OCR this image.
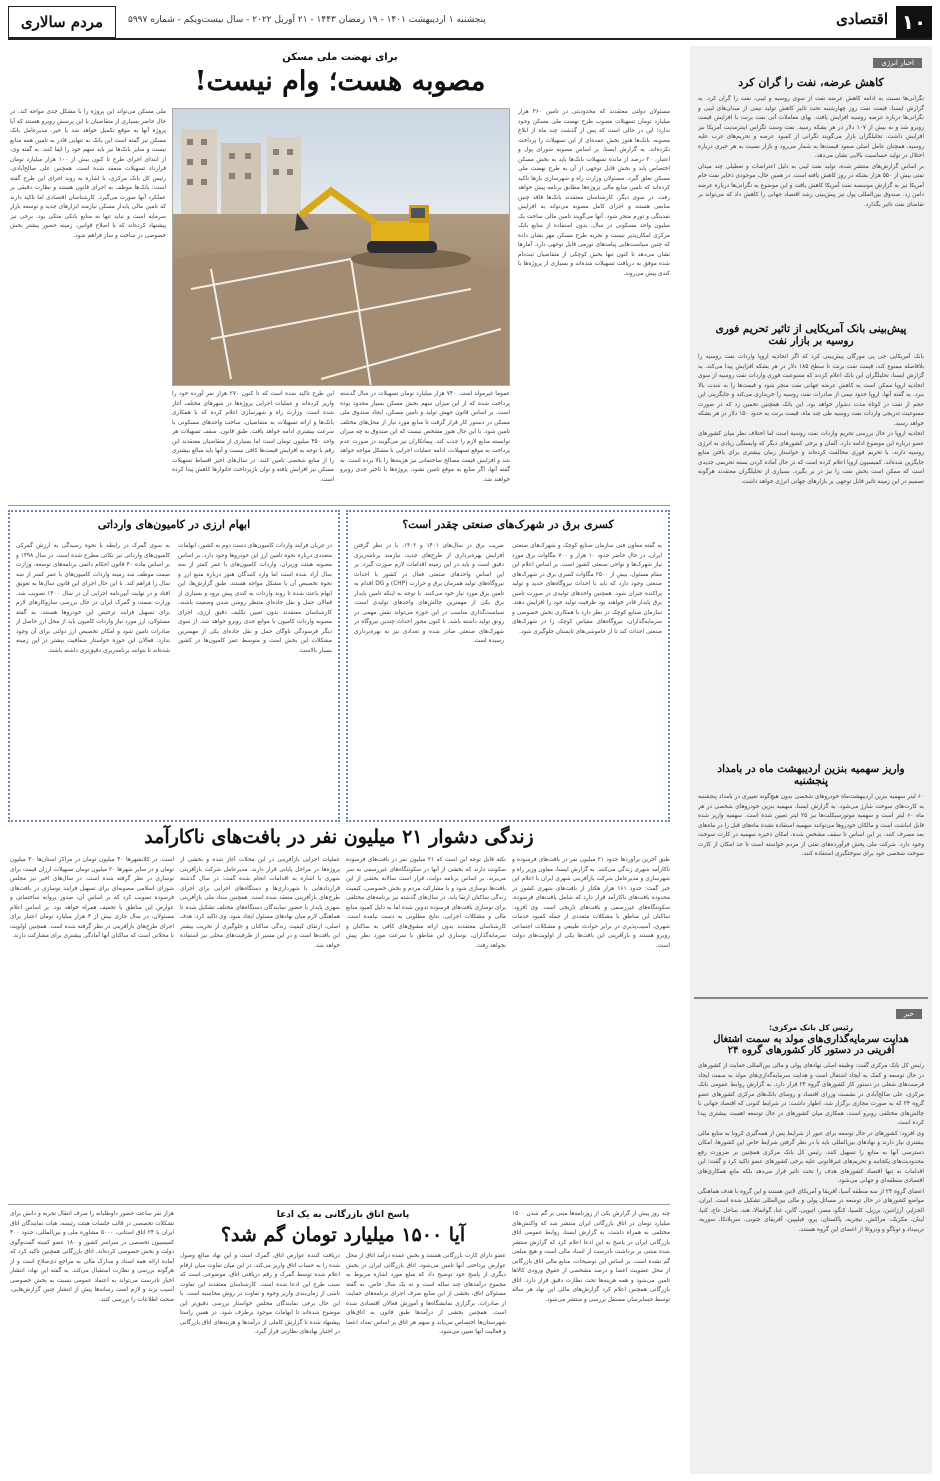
۱۰
اقتصادی
پنجشنبه ۱ اردیبهشت ۱۴۰۱ - ۱۹ رمضان ۱۴۴۳ - ۲۱ آوریل ۲۰۲۲ - سال بیست‌ویکم - شماره ۵۹۹۷
مردم سالاری
اخبار انرژی
کاهش عرضه، نفت را گران کرد

نگرانی‌ها نسبت به ادامه کاهش عرضه نفت از سوی روسیه و لیبی، نفت را گران کرد. به گزارش ایسنا، قیمت نفت روز چهارشنبه تحت تاثیر کاهش تولید نیمی از میدان‌های لیبی و نگرانی‌ها درباره عرضه روسیه افزایش یافت. بهای معاملات آتی نفت برنت با افزایش قیمت روبرو شد و به بیش از ۱۰۷ دلار در هر بشکه رسید. نفت وست تگزاس اینترمدیت آمریکا نیز افزایش داشت. تحلیلگران بازار می‌گویند نگرانی از کمبود عرضه و تحریم‌های غرب علیه روسیه، همچنان عامل اصلی صعود قیمت‌ها به شمار می‌رود و بازار نسبت به هر خبری درباره اختلال در تولید حساسیت بالایی نشان می‌دهد.

بر اساس گزارش‌های منتشر شده، تولید نفت لیبی به دلیل اعتراضات و تعطیلی چند میدان نفتی بیش از ۵۵۰ هزار بشکه در روز کاهش یافته است. در همین حال، موجودی ذخایر نفت خام آمریکا نیز به گزارش موسسه نفت آمریکا کاهش یافت و این موضوع به نگرانی‌ها درباره عرضه دامن زد. صندوق بین‌المللی پول نیز پیش‌بینی رشد اقتصاد جهانی را کاهش داد که می‌تواند بر تقاضای نفت تاثیر بگذارد.

پیش‌بینی بانک آمریکایی از تاثیر تحریم فوری روسیه بر بازار نفت

بانک آمریکایی جی پی مورگان پیش‌بینی کرد که اگر اتحادیه اروپا واردات نفت روسیه را بلافاصله ممنوع کند، قیمت نفت برنت تا سطح ۱۸۵ دلار در هر بشکه افزایش پیدا می‌کند. به گزارش ایسنا، تحلیلگران این بانک اعلام کردند که ممنوعیت فوری واردات نفت روسیه از سوی اتحادیه اروپا ممکن است به کاهش عرضه جهانی نفت منجر شود و قیمت‌ها را به شدت بالا ببرد. به گفته آنها، اروپا حدود نیمی از صادرات نفت روسیه را خریداری می‌کند و جایگزینی این حجم از نفت در کوتاه مدت دشوار خواهد بود. این بانک همچنین تخمین زد که در صورت ممنوعیت تدریجی واردات نفت روسیه طی چند ماه، قیمت برنت به حدود ۱۵۰ دلار در هر بشکه خواهد رسید.

اتحادیه اروپا در حال بررسی تحریم واردات نفت روسیه است اما اختلاف نظر میان کشورهای عضو درباره این موضوع ادامه دارد. آلمان و برخی کشورهای دیگر که وابستگی زیادی به انرژی روسیه دارند، با تحریم فوری مخالفت کرده‌اند و خواستار زمان بیشتری برای یافتن منابع جایگزین شده‌اند. کمیسیون اروپا اعلام کرده است که در حال آماده کردن بسته تحریمی جدیدی است که ممکن است بخش نفت را نیز در بر بگیرد. بسیاری از تحلیلگران معتقدند هرگونه تصمیم در این زمینه تاثیر قابل توجهی بر بازارهای جهانی انرژی خواهد داشت.

واریز سهمیه بنزین اردیبهشت ماه در بامداد پنجشنبه

۶۰ لیتر سهمیه بنزین اردیبهشت‌ماه خودروهای شخصی بدون هیچ‌گونه تغییری در بامداد پنجشنبه به کارت‌های سوخت شارژ می‌شود. به گزارش ایسنا، سهمیه بنزین خودروهای شخصی در هر ماه ۶۰ لیتر است و سهمیه موتورسیکلت‌ها نیز ۲۵ لیتر تعیین شده است. سهمیه واریز شده قابل انباشت است و مالکان خودروها می‌توانند سهمیه استفاده نشده ماه‌های قبل را در ماه‌های بعد مصرف کنند. بر این اساس تا سقف مشخص شده، امکان ذخیره سهمیه در کارت سوخت وجود دارد. شرکت ملی پخش فرآورده‌های نفتی از مردم خواسته است تا حد امکان از کارت سوخت شخصی خود برای سوختگیری استفاده کنند.

خبر
رئیس کل بانک مرکزی:
هدایت سرمایه‌گذاری‌های مولد به سمت اشتغال آفرینی در دستور کار کشورهای گروه ۲۴

رئیس کل بانک مرکزی گفت: وظیفه اصلی نهادهای پولی و مالی بین‌المللی حمایت از کشورهای در حال توسعه و کمک به ایجاد اشتغال است و هدایت سرمایه‌گذاری‌های مولد به سمت ایجاد فرصت‌های شغلی در دستور کار کشورهای گروه ۲۴ قرار دارد. به گزارش روابط عمومی بانک مرکزی، علی صالح‌آبادی در نشست وزرای اقتصاد و روسای بانک‌های مرکزی کشورهای عضو گروه ۲۴ که به صورت مجازی برگزار شد، اظهار داشت: در شرایط کنونی که اقتصاد جهانی با چالش‌های مختلفی روبرو است، همکاری میان کشورهای در حال توسعه اهمیت بیشتری پیدا کرده است.

وی افزود: کشورهای در حال توسعه برای عبور از شرایط پس از همه‌گیری کرونا به منابع مالی بیشتری نیاز دارند و نهادهای بین‌المللی باید با در نظر گرفتن شرایط خاص این کشورها، امکان دسترسی آنها به منابع را تسهیل کنند. رئیس کل بانک مرکزی همچنین بر ضرورت رفع محدودیت‌های یکجانبه و تحریم‌های غیرقانونی علیه برخی کشورهای عضو تاکید کرد و گفت: این اقدامات نه تنها اقتصاد کشورهای هدف را تحت تاثیر قرار می‌دهد بلکه مانع همکاری‌های اقتصادی منطقه‌ای و جهانی می‌شود.

اعضای گروه ۲۴ از سه منطقه آسیا، آفریقا و آمریکای لاتین هستند و این گروه با هدف هماهنگی مواضع کشورهای در حال توسعه در مسائل پولی و مالی بین‌المللی تشکیل شده است. ایران، الجزایر، آرژانتین، برزیل، کلمبیا، کنگو، مصر، اتیوپی، گابن، غنا، گواتمالا، هند، ساحل عاج، کنیا، لبنان، مکزیک، مراکش، نیجریه، پاکستان، پرو، فیلیپین، آفریقای جنوبی، سریلانکا، سوریه، ترینیداد و توباگو و ونزوئلا از اعضای این گروه هستند.

برای نهضت ملی مسکن
مصوبه هست؛ وام نیست!
مسئولان دولتی معتقدند که محدودیتی در تامین ۳۶۰ هزار میلیارد تومان تسهیلات مصوب طرح نهضت ملی مسکن وجود ندارد؛ این در حالی است که پس از گذشت چند ماه از ابلاغ مصوبه، بانک‌ها هنوز بخش عمده‌ای از این تسهیلات را پرداخت نکرده‌اند. به گزارش ایسنا، بر اساس مصوبه شورای پول و اعتبار، ۲۰ درصد از مانده تسهیلات بانک‌ها باید به بخش مسکن اختصاص یابد و بخش قابل توجهی از آن به طرح نهضت ملی مسکن تعلق گیرد. مسئولان وزارت راه و شهرسازی بارها تاکید کرده‌اند که تامین منابع مالی پروژه‌ها مطابق برنامه پیش خواهد رفت. در سوی دیگر، کارشناسان معتقدند بانک‌ها فاقد چنین منابعی هستند و اجرای کامل مصوبه می‌تواند به افزایش نقدینگی و تورم منجر شود. آنها می‌گویند تامین مالی ساخت یک میلیون واحد مسکونی در سال، بدون استفاده از منابع بانک مرکزی امکان‌پذیر نیست و تجربه طرح مسکن مهر نشان داده که چنین سیاست‌هایی پیامدهای تورمی قابل توجهی دارد. آمارها نشان می‌دهد تا کنون تنها بخش کوچکی از متقاضیان ثبت‌نام شده موفق به دریافت تسهیلات شده‌اند و بسیاری از پروژه‌ها با کندی پیش می‌روند.
عموما غیرمولد است. ۷۴۰ هزار میلیارد تومان تسهیلات در سال گذشته پرداخت شده که از این میزان سهم بخش مسکن بسیار محدود بوده است. بر اساس قانون جهش تولید و تامین مسکن، ایجاد صندوق ملی مسکن در دستور کار قرار گرفت تا منابع مورد نیاز از محل‌های مختلف تامین شود. با این حال هنوز مشخص نیست که این صندوق به چه میزان توانسته منابع لازم را جذب کند. پیمانکاران نیز می‌گویند در صورت عدم پرداخت به موقع تسهیلات، ادامه عملیات اجرایی با مشکل مواجه خواهد شد و افزایش قیمت مصالح ساختمانی نیز هزینه‌ها را بالا برده است. به گفته آنها، اگر منابع به موقع تامین نشود، پروژه‌ها با تاخیر جدی روبرو خواهند شد.
این طرح تاکید شده است که تا کنون ۲۷۰ هزار نفر آورده خود را واریز کرده‌اند و عملیات اجرایی پروژه‌ها در شهرهای مختلف آغاز شده است. وزارت راه و شهرسازی اعلام کرده که با همکاری بانک‌ها و ارائه تسهیلات به متقاضیان، ساخت واحدهای مسکونی با سرعت بیشتری ادامه خواهد یافت. طبق قانون، سقف تسهیلات هر واحد ۴۵۰ میلیون تومان است اما بسیاری از متقاضیان معتقدند این رقم با توجه به افزایش قیمت‌ها کافی نیست و آنها باید مبالغ بیشتری را از منابع شخصی تامین کنند. در سال‌های اخیر اقساط تسهیلات مسکن نیز افزایش یافته و توان بازپرداخت خانوارها کاهش پیدا کرده است.
ملی مسکن می‌تواند این پروژه را با مشکل جدی مواجه کند. در حال حاضر بسیاری از متقاضیان با این پرسش روبرو هستند که آیا پروژه آنها به موقع تکمیل خواهد شد یا خیر. مدیرعامل بانک مسکن نیز گفته است این بانک به تنهایی قادر به تامین همه منابع نیست و سایر بانک‌ها نیز باید سهم خود را ایفا کنند. به گفته وی، از ابتدای اجرای طرح تا کنون بیش از ۱۰۰ هزار میلیارد تومان قرارداد تسهیلات منعقد شده است. همچنین علی صالح‌آبادی، رئیس کل بانک مرکزی، با اشاره به روند اجرای این طرح گفته است: بانک‌ها موظف به اجرای قانون هستند و نظارت دقیقی بر عملکرد آنها صورت می‌گیرد. کارشناسان اقتصادی اما تاکید دارند که تامین مالی پایدار مسکن نیازمند ابزارهای جدید و توسعه بازار سرمایه است و نباید تنها به منابع بانکی متکی بود. برخی نیز پیشنهاد کرده‌اند که با اصلاح قوانین، زمینه حضور بیشتر بخش خصوصی در ساخت و ساز فراهم شود.
کسری برق در شهرک‌های صنعتی چقدر است؟
به گفته معاون فنی سازمان صنایع کوچک و شهرک‌های صنعتی ایران، در حال حاضر حدود ۱۰ هزار و ۷۰۰ مگاوات برق مورد نیاز شهرک‌ها و نواحی صنعتی کشور است. بر اساس اعلام این مقام مسئول، بیش از ۲۵۰۰ مگاوات کسری برق در شهرک‌های صنعتی وجود دارد که باید با احداث نیروگاه‌های جدید و تولید پراکنده جبران شود. همچنین واحدهای تولیدی در صورت تامین برق پایدار قادر خواهند بود ظرفیت تولید خود را افزایش دهند. سازمان صنایع کوچک در نظر دارد با همکاری بخش خصوصی و سرمایه‌گذاران، نیروگاه‌های مقیاس کوچک را در شهرک‌های صنعتی احداث کند تا از خاموشی‌های تابستان جلوگیری شود.
ضریب برق در سال‌های ۱۴۰۱ و ۱۴۰۲، با در نظر گرفتن افزایش بهره‌برداری از طرح‌های جدید، نیازمند برنامه‌ریزی دقیق است و باید در این زمینه اقدامات لازم صورت گیرد. بر این اساس واحدهای صنعتی فعال در کشور با احداث نیروگاه‌های تولید همزمان برق و حرارت (CHP) و DG اقدام به تامین برق مورد نیاز خود می‌کنند. با توجه به اینکه تامین پایدار برق یکی از مهمترین چالش‌های واحدهای تولیدی است، سیاست‌گذاری مناسب در این حوزه می‌تواند نقش مهمی در رونق تولید داشته باشد. تا کنون مجوز احداث چندین نیروگاه در شهرک‌های صنعتی صادر شده و تعدادی نیز به بهره‌برداری رسیده است.
ابهام ارزی در کامیون‌های وارداتی
در جریان فرایند واردات کامیون‌های دست دوم به کشور، ابهامات متعددی درباره نحوه تامین ارز این خودروها وجود دارد. بر اساس مصوبه هیئت وزیران، واردات کامیون‌های با عمر کمتر از سه سال آزاد شده است اما وارد کنندگان هنوز درباره منبع ارز و نحوه تخصیص آن با مشکل مواجه هستند. طبق گزارش‌ها، این ابهام باعث شده تا روند واردات به کندی پیش برود و بسیاری از فعالان حمل و نقل جاده‌ای منتظر روشن شدن وضعیت باشند. کارشناسان معتقدند بدون تعیین تکلیف دقیق ارزی، اجرای مصوبه واردات کامیون با موانع جدی روبرو خواهد شد. از سوی دیگر فرسودگی ناوگان حمل و نقل جاده‌ای یکی از مهمترین مشکلات این بخش است و متوسط عمر کامیون‌ها در کشور بسیار بالاست.
به سوی گمرک در رابطه با نحوه رسیدگی به ارزش گمرکی کامیون‌های وارداتی نیز نکاتی مطرح شده است. در سال ۱۳۹۸ و بر اساس ماده ۳۰ قانون احکام دائمی برنامه‌های توسعه، وزارت صمت موظف شد زمینه واردات کامیون‌های با عمر کمتر از سه سال را فراهم کند. با این حال اجرای این قانون سال‌ها به تعویق افتاد و در نهایت آیین‌نامه اجرایی آن در سال ۱۴۰۰ تصویب شد. وزارت صمت و گمرک ایران در حال بررسی سازوکارهای لازم برای تسهیل فرایند ترخیص این خودروها هستند. به گفته مسئولان، ارز مورد نیاز واردات کامیون باید از محل ارز حاصل از صادرات تامین شود و امکان تخصیص ارز دولتی برای آن وجود ندارد. فعالان این حوزه خواستار شفافیت بیشتر در این زمینه شده‌اند تا بتوانند برنامه‌ریزی دقیق‌تری داشته باشند.
زندگی دشوار ۲۱ میلیون نفر در بافت‌های ناکارآمد
طبق آخرین برآوردها حدود ۲۱ میلیون نفر در بافت‌های فرسوده و ناکارآمد شهری زندگی می‌کنند. به گزارش ایسنا، معاون وزیر راه و شهرسازی و مدیرعامل شرکت بازآفرینی شهری ایران با اعلام این خبر گفت: حدود ۱۶۱ هزار هکتار از بافت‌های شهری کشور در محدوده بافت‌های ناکارآمد قرار دارد که شامل بافت‌های فرسوده، سکونتگاه‌های غیررسمی و بافت‌های تاریخی است. وی افزود: ساکنان این مناطق با مشکلات متعددی از جمله کمبود خدمات شهری، آسیب‌پذیری در برابر حوادث طبیعی و مشکلات اجتماعی روبرو هستند و بازآفرینی این بافت‌ها یکی از اولویت‌های دولت است.
نکته قابل توجه این است که ۲۱ میلیون نفر در بافت‌های فرسوده سکونت دارند که بخشی از آنها در سکونتگاه‌های غیررسمی به سر می‌برند. بر اساس برنامه دولت، قرار است سالانه بخشی از این بافت‌ها نوسازی شود و با مشارکت مردم و بخش خصوصی، کیفیت زندگی ساکنان ارتقا یابد. در سال‌های گذشته نیز برنامه‌های مختلفی برای نوسازی بافت‌های فرسوده تدوین شده اما به دلیل کمبود منابع مالی و مشکلات اجرایی، نتایج مطلوبی به دست نیامده است. کارشناسان معتقدند بدون ارائه مشوق‌های کافی به ساکنان و سرمایه‌گذاران، نوسازی این مناطق با سرعت مورد نظر پیش نخواهد رفت.
عملیات اجرایی بازآفرینی در این محلات آغاز شده و بخشی از پروژه‌ها در مراحل پایانی قرار دارند. مدیرعامل شرکت بازآفرینی شهری با اشاره به اقدامات انجام شده گفت: در سال گذشته قراردادهایی با شهرداری‌ها و دستگاه‌های اجرایی برای اجرای طرح‌های بازآفرینی منعقد شده است. همچنین ستاد ملی بازآفرینی شهری پایدار با حضور نمایندگان دستگاه‌های مختلف تشکیل شده تا هماهنگی لازم میان نهادهای مسئول ایجاد شود. وی تاکید کرد: هدف اصلی، ارتقای کیفیت زندگی ساکنان و جلوگیری از تخریب بیشتر این بافت‌ها است و در این مسیر از ظرفیت‌های محلی نیز استفاده خواهد شد.
است. در کلانشهرها ۴۰ میلیون تومان در مراکز استان‌ها ۳۰ میلیون تومان و در سایر شهرها ۲۰ میلیون تومان تسهیلات ارزان قیمت برای نوسازی در نظر گرفته شده است. در سال‌های اخیر نیز مجلس شورای اسلامی مصوبه‌ای برای تسهیل فرایند نوسازی در بافت‌های فرسوده تصویب کرد که بر اساس آن، صدور پروانه ساختمانی و عوارض این مناطق با تخفیف همراه خواهد بود. بر اساس اعلام مسئولان، در سال جاری بیش از ۳ هزار میلیارد تومان اعتبار برای اجرای طرح‌های بازآفرینی در نظر گرفته شده است. همچنین اولویت با محلاتی است که ساکنان آنها آمادگی بیشتری برای مشارکت دارند.
پاسخ اتاق بازرگانی به یک ادعا
آیا ۱۵۰۰ میلیارد تومان گم شد؟
چند روز پیش از گزارش یکی از روزنامه‌ها مبنی بر گم شدن ۱۵۰۰ میلیارد تومان در اتاق بازرگانی ایران منتشر شد که واکنش‌های مختلفی به همراه داشت. به گزارش ایسنا، روابط عمومی اتاق بازرگانی ایران در پاسخ به این ادعا اعلام کرد که گزارش منتشر شده مبتنی بر برداشت نادرست از اسناد مالی است و هیچ مبلغی گم نشده است. بر اساس این توضیحات، منابع مالی اتاق بازرگانی از محل عضویت اعضا و درصد مشخصی از حقوق ورودی کالاها تامین می‌شود و همه هزینه‌ها تحت نظارت دقیق قرار دارد. اتاق بازرگانی همچنین اعلام کرد گزارش‌های مالی این نهاد هر ساله توسط حسابرسان مستقل بررسی و منتشر می‌شود.
عضو دارای کارت بازرگانی هستند و بخش عمده درآمد اتاق از محل عوارض پرداختی آنها تامین می‌شود. اتاق بازرگانی ایران در بخش دیگری از پاسخ خود توضیح داد که مبلغ مورد اشاره مربوط به مجموع درآمدهای چند ساله است و نه یک سال خاص. به گفته مسئولان اتاق، بخشی از این منابع صرف اجرای برنامه‌های حمایت از صادرات، برگزاری نمایشگاه‌ها و آموزش فعالان اقتصادی شده است. همچنین بخشی از درآمدها طبق قانون به اتاق‌های شهرستان‌ها اختصاص می‌یابد و سهم هر اتاق بر اساس تعداد اعضا و فعالیت آنها تعیین می‌شود.
دریافت کننده عوارض اتاق، گمرک است و این نهاد مبالغ وصول شده را به حساب اتاق واریز می‌کند. در این میان تفاوت میان ارقام اعلام شده توسط گمرک و رقم دریافتی اتاق، موضوعی است که سبب طرح این ادعا شده است. کارشناسان معتقدند این تفاوت ناشی از زمان‌بندی واریز وجوه و تفاوت در روش محاسبه است. با این حال برخی نمایندگان مجلس خواستار بررسی دقیق‌تر این موضوع شده‌اند تا ابهامات موجود برطرف شود. در همین راستا پیشنهاد شده تا گزارش کاملی از درآمدها و هزینه‌های اتاق بازرگانی در اختیار نهادهای نظارتی قرار گیرد.
هزار نفر ساعت حضور داوطلبانه را صرف انتقال تجربه و دانش برای تشکلات تخصصی در قالب جلسات هیئت رئیسه، هیات نمایندگان اتاق ایران با ۲۴ اتاق استانی، ۵۰۰۰ مشاوره ملی و بین‌المللی، حدود ۳۰۰ کمیسیون تخصصی در سراسر کشور و ۱۸۰ عضو کمیته گفت‌وگوی دولت و بخش خصوصی کرده‌اند. اتاق بازرگانی همچنین تاکید کرد که آماده ارائه همه اسناد و مدارک مالی به مراجع ذی‌صلاح است و از هرگونه بررسی و نظارت استقبال می‌کند. به گفته این نهاد، انتشار اخبار نادرست می‌تواند به اعتماد عمومی نسبت به بخش خصوصی آسیب بزند و لازم است رسانه‌ها پیش از انتشار چنین گزارش‌هایی، صحت اطلاعات را بررسی کنند.
